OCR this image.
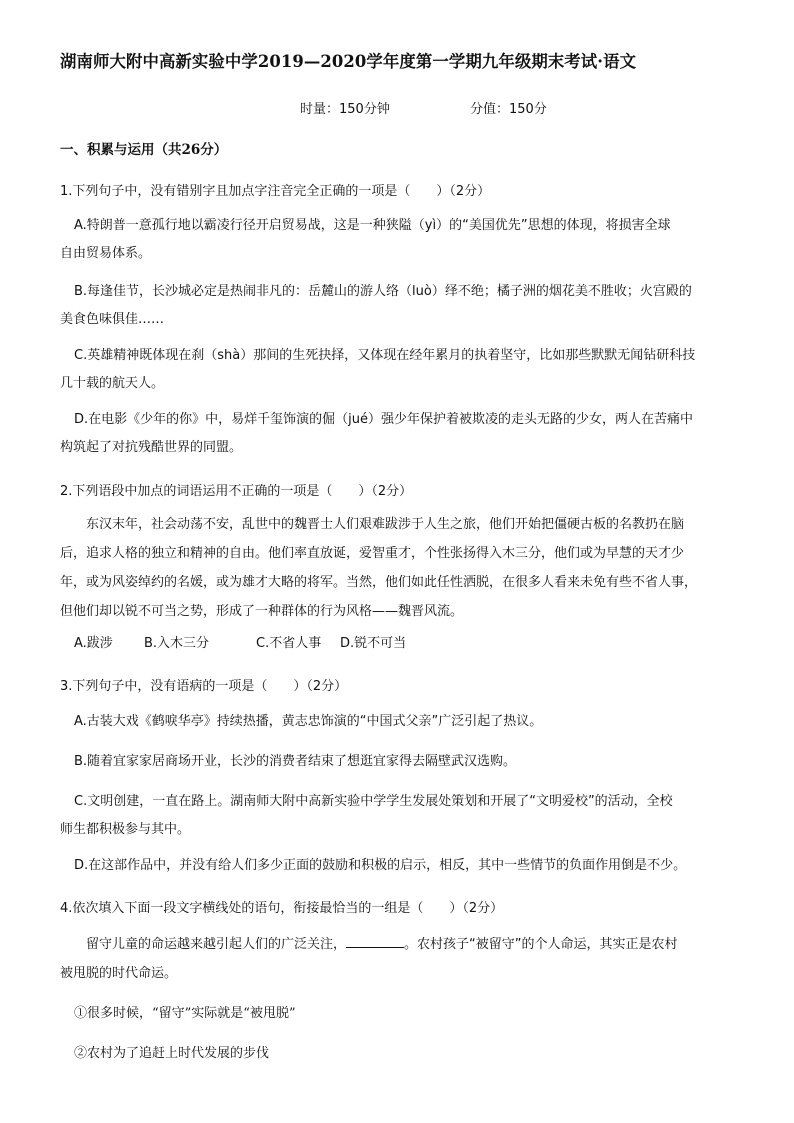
湖南师大附中高新实验中学2019—2020学年度第一学期九年级期末考试·语文
时量：150分钟	分值：150分
一、积累与运用（共26分）
1.下列句子中，没有错别字且加点字注音完全正确的一项是（　　）（2分）
A.特朗普一意孤行地以霸凌行径开启贸易战，这是一种狭隘（yì）的“美国优先”思想的体现，将损害全球
自由贸易体系。
B.每逢佳节，长沙城必定是热闹非凡的：岳麓山的游人络（luò）绎不绝；橘子洲的烟花美不胜收；火宫殿的
美食色味俱佳……
C.英雄精神既体现在刹（shà）那间的生死抉择，又体现在经年累月的执着坚守，比如那些默默无闻钻研科技
几十载的航天人。
D.在电影《少年的你》中，易烊千玺饰演的倔（jué）强少年保护着被欺凌的走头无路的少女，两人在苦痛中
构筑起了对抗残酷世界的同盟。
2.下列语段中加点的词语运用不正确的一项是（　　）（2分）
东汉末年，社会动荡不安，乱世中的魏晋士人们艰难跋涉于人生之旅，他们开始把僵硬古板的名教扔在脑
后，追求人格的独立和精神的自由。他们率直放诞，爱智重才，个性张扬得入木三分，他们或为早慧的天才少
年，或为风姿绰约的名媛，或为雄才大略的将军。当然，他们如此任性洒脱，在很多人看来未免有些不省人事，
但他们却以锐不可当之势，形成了一种群体的行为风格——魏晋风流。
A.跋涉 B.入木三分	C.不省人事 D.锐不可当
3.下列句子中，没有语病的一项是（　　）（2分）
A.古装大戏《鹤唳华亭》持续热播，黄志忠饰演的“中国式父亲”广泛引起了热议。
B.随着宜家家居商场开业，长沙的消费者结束了想逛宜家得去隔壁武汉选购。
C.文明创建，一直在路上。湖南师大附中高新实验中学学生发展处策划和开展了“文明爱校”的活动，全校
师生都积极参与其中。
D.在这部作品中，并没有给人们多少正面的鼓励和积极的启示，相反，其中一些情节的负面作用倒是不少。
4.依次填入下面一段文字横线处的语句，衔接最恰当的一组是（　　）（2分）
留守儿童的命运越来越引起人们的广泛关注，	。农村孩子“被留守”的个人命运，其实正是农村
被甩脱的时代命运。
①很多时候，“留守”实际就是“被甩脱”
②农村为了追赶上时代发展的步伐
